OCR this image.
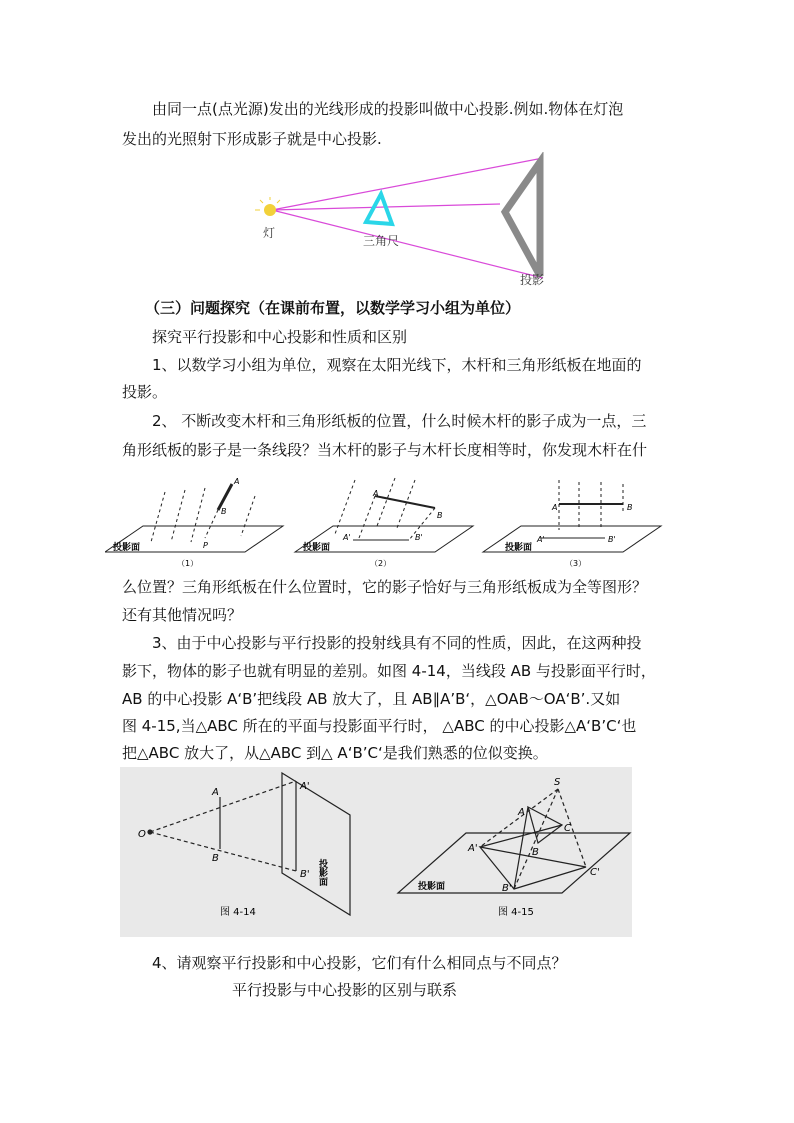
由同一点(点光源)发出的光线形成的投影叫做中心投影.例如.物体在灯泡
发出的光照射下形成影子就是中心投影.
灯
三角尺
投影
（三）问题探究（在课前布置，以数学学习小组为单位）
探究平行投影和中心投影和性质和区别
1、以数学习小组为单位，观察在太阳光线下，木杆和三角形纸板在地面的
投影。
2、 不断改变木杆和三角形纸板的位置，什么时候木杆的影子成为一点，三
角形纸板的影子是一条线段？当木杆的影子与木杆长度相等时，你发现木杆在什
A
B
P
投影面
（1）
A
B
A'	B'
投影面
（2）
A	B
A'	B'
投影面
（3）
么位置？三角形纸板在什么位置时，它的影子恰好与三角形纸板成为全等图形？
还有其他情况吗？
3、由于中心投影与平行投影的投射线具有不同的性质，因此，在这两种投
影下，物体的影子也就有明显的差别。如图 4-14，当线段 AB 与投影面平行时，
AB 的中心投影 A‘B’把线段 AB 放大了，且 AB∥A’B‘，△OAB～OA‘B’.又如
图 4-15,当△ABC 所在的平面与投影面平行时， △ABC 的中心投影△A‘B’C‘也
把△ABC 放大了，从△ABC 到△ A‘B’C‘是我们熟悉的位似变换。
O
A
B
A'
B' 投影面
图 4-14
S
A
C
B
A'
C'
B'
投影面
图 4-15
4、请观察平行投影和中心投影，它们有什么相同点与不同点？
平行投影与中心投影的区别与联系
